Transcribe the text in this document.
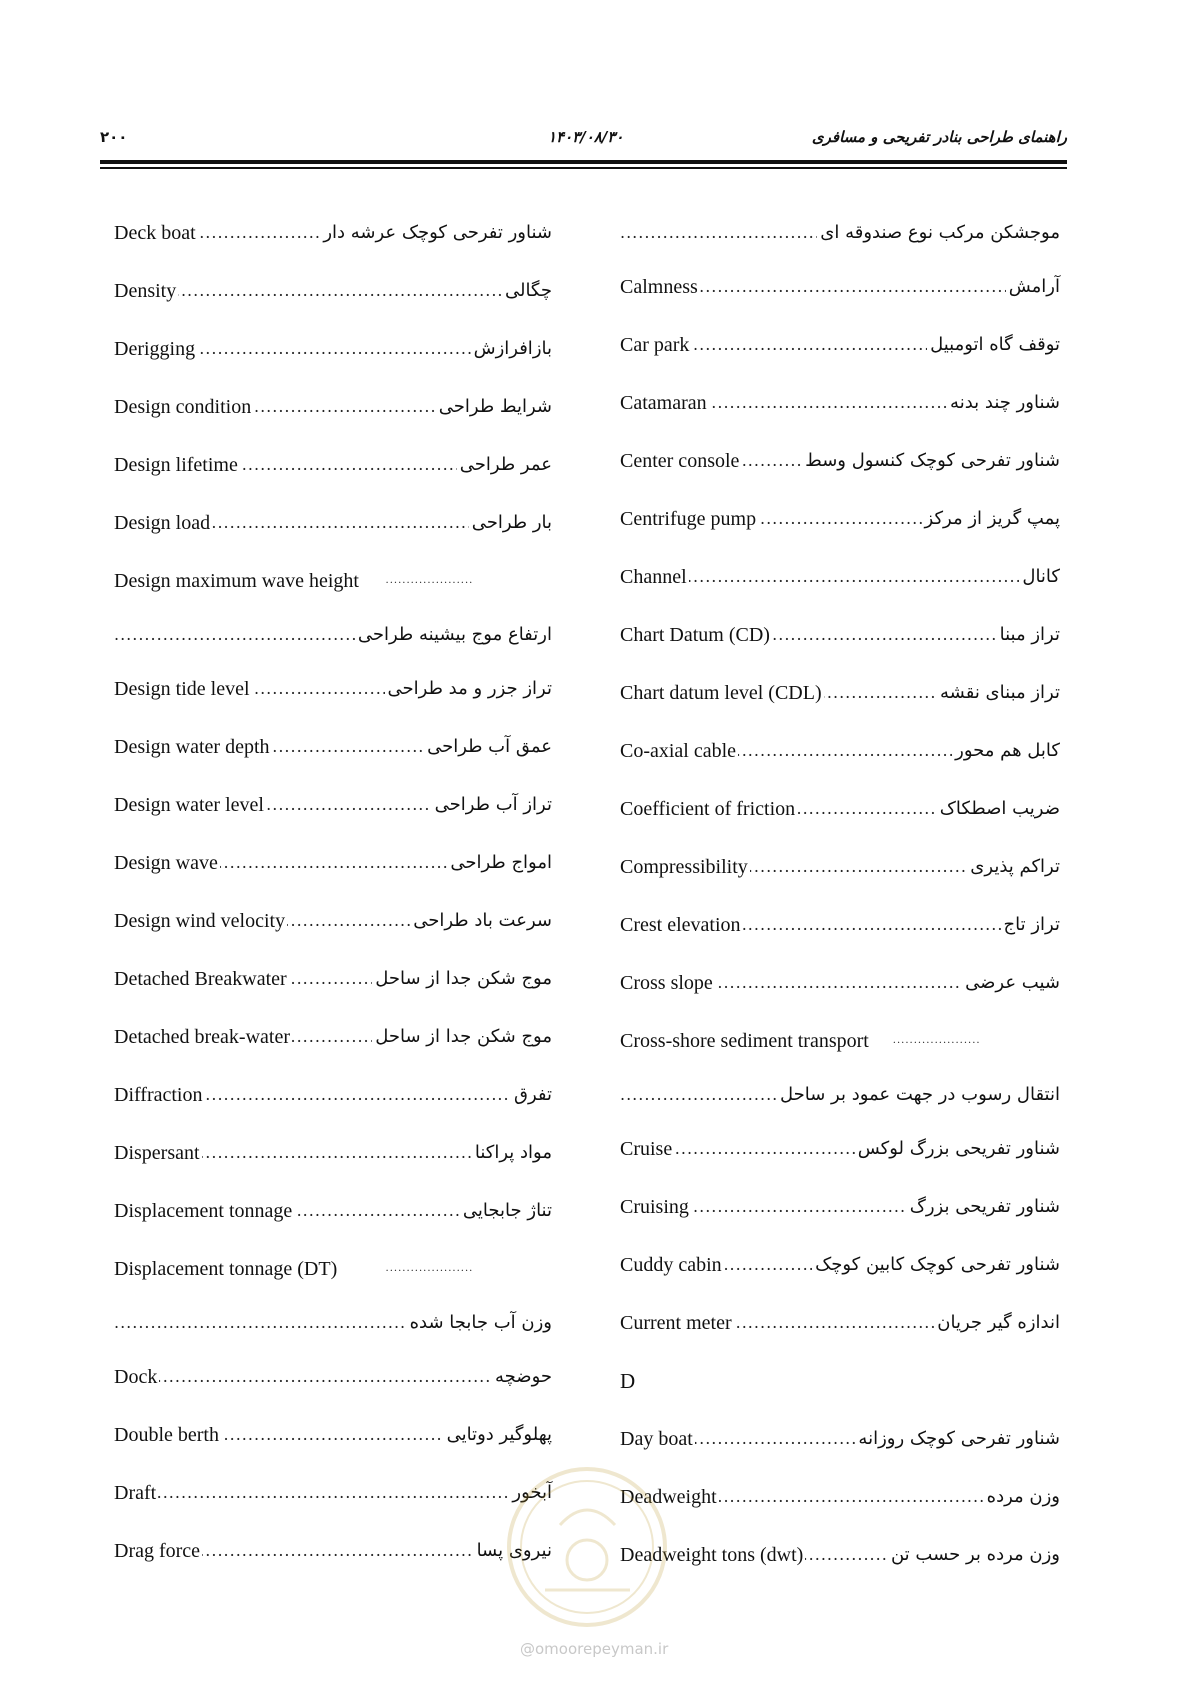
راهنمای طراحی بنادر تفریحی و مسافری
۱۴۰۳/۰۸/۳۰
۲۰۰
.....
Deck boat	شناور تفرحی کوچک عرشه دار
.....
Density	چگالی
.....
Derigging	بازافرازش
.....
Design condition	شرایط طراحی
.....
Design lifetime	عمر طراحی
.....
Design load	بار طراحی
.....
Design maximum wave height
.....
ارتفاع موج بیشینه طراحی
.....
Design tide level	تراز جزر و مد طراحی
.....
Design water depth	عمق آب طراحی
.....
Design water level	تراز آب طراحی
.....
Design wave	امواج طراحی
.....
Design wind velocity	سرعت باد طراحی
.....
Detached Breakwater	موج شکن جدا از ساحل
.....
Detached break-water	موج شکن جدا از ساحل
.....
Diffraction	تفرق
.....
Dispersant	مواد پراکنا
.....
Displacement tonnage	تناژ جابجایی
.....
Displacement tonnage (DT)
.....
وزن آب جابجا شده
.....
Dock	حوضچه
.....
Double berth	پهلوگیر دوتایی
.....
Draft	آبخور
.....
Drag force	نیروی پسا
.....
موجشکن مرکب نوع صندوقه ای
.....
Calmness	آرامش
.....
Car park	توقف گاه اتومبیل
.....
Catamaran	شناور چند بدنه
.....
Center console	شناور تفرحی کوچک کنسول وسط
.....
Centrifuge pump	پمپ گریز از مرکز
.....
Channel	کانال
.....
Chart Datum (CD)	تراز مبنا
.....
Chart datum level (CDL)	تراز مبنای نقشه
.....
Co-axial cable	کابل هم محور
.....
Coefficient of friction	ضریب اصطکاک
.....
Compressibility	تراکم پذیری
.....
Crest elevation	تراز تاج
.....
Cross slope	شیب عرضی
.....
Cross-shore sediment transport
.....
انتقال رسوب در جهت عمود بر ساحل
.....
Cruise	شناور تفریحی بزرگ لوکس
.....
Cruising	شناور تفریحی بزرگ
.....
Cuddy cabin	شناور تفرحی کوچک کابین کوچک
.....
Current meter	اندازه گیر جریان
D
.....
Day boat	شناور تفرحی کوچک روزانه
.....
Deadweight	وزن مرده
.....
Deadweight tons (dwt)	وزن مرده بر حسب تن
@omoorepeyman.ir
